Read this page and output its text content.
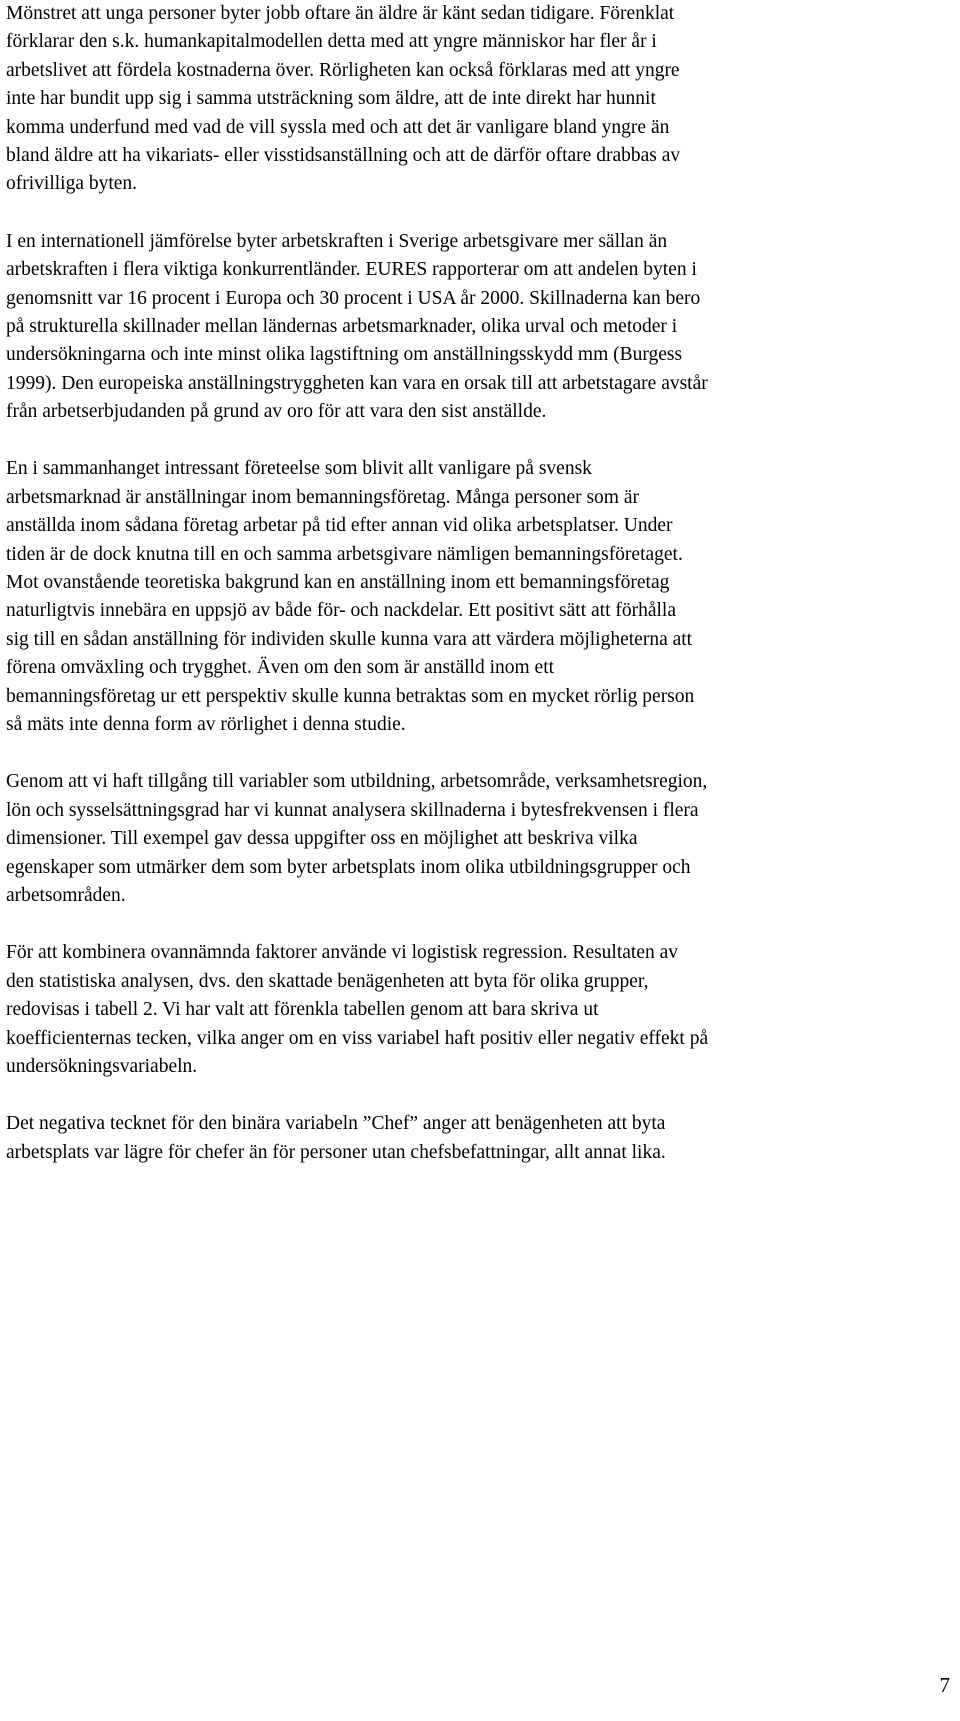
Mönstret att unga personer byter jobb oftare än äldre är känt sedan tidigare. Förenklat
förklarar den s.k. humankapitalmodellen detta med att yngre människor har fler år i
arbetslivet att fördela kostnaderna över. Rörligheten kan också förklaras med att yngre
inte har bundit upp sig i samma utsträckning som äldre, att de inte direkt har hunnit
komma underfund med vad de vill syssla med och att det är vanligare bland yngre än
bland äldre att ha vikariats- eller visstidsanställning och att de därför oftare drabbas av
ofrivilliga byten.

I en internationell jämförelse byter arbetskraften i Sverige arbetsgivare mer sällan än
arbetskraften i flera viktiga konkurrentländer. EURES rapporterar om att andelen byten i
genomsnitt var 16 procent i Europa och 30 procent i USA år 2000. Skillnaderna kan bero
på strukturella skillnader mellan ländernas arbetsmarknader, olika urval och metoder i
undersökningarna och inte minst olika lagstiftning om anställningsskydd mm (Burgess
1999). Den europeiska anställningstryggheten kan vara en orsak till att arbetstagare avstår
från arbetserbjudanden på grund av oro för att vara den sist anställde.

En i sammanhanget intressant företeelse som blivit allt vanligare på svensk
arbetsmarknad är anställningar inom bemanningsföretag. Många personer som är
anställda inom sådana företag arbetar på tid efter annan vid olika arbetsplatser. Under
tiden är de dock knutna till en och samma arbetsgivare nämligen bemanningsföretaget.
Mot ovanstående teoretiska bakgrund kan en anställning inom ett bemanningsföretag
naturligtvis innebära en uppsjö av både för- och nackdelar. Ett positivt sätt att förhålla
sig till en sådan anställning för individen skulle kunna vara att värdera möjligheterna att
förena omväxling och trygghet. Även om den som är anställd inom ett
bemanningsföretag ur ett perspektiv skulle kunna betraktas som en mycket rörlig person
så mäts inte denna form av rörlighet i denna studie.

Genom att vi haft tillgång till variabler som utbildning, arbetsområde, verksamhetsregion,
lön och sysselsättningsgrad har vi kunnat analysera skillnaderna i bytesfrekvensen i flera
dimensioner. Till exempel gav dessa uppgifter oss en möjlighet att beskriva vilka
egenskaper som utmärker dem som byter arbetsplats inom olika utbildningsgrupper och
arbetsområden.

För att kombinera ovannämnda faktorer använde vi logistisk regression. Resultaten av
den statistiska analysen, dvs. den skattade benägenheten att byta för olika grupper,
redovisas i tabell 2. Vi har valt att förenkla tabellen genom att bara skriva ut
koefficienternas tecken, vilka anger om en viss variabel haft positiv eller negativ effekt på
undersökningsvariabeln.

Det negativa tecknet för den binära variabeln ”Chef” anger att benägenheten att byta
arbetsplats var lägre för chefer än för personer utan chefsbefattningar, allt annat lika.

7
